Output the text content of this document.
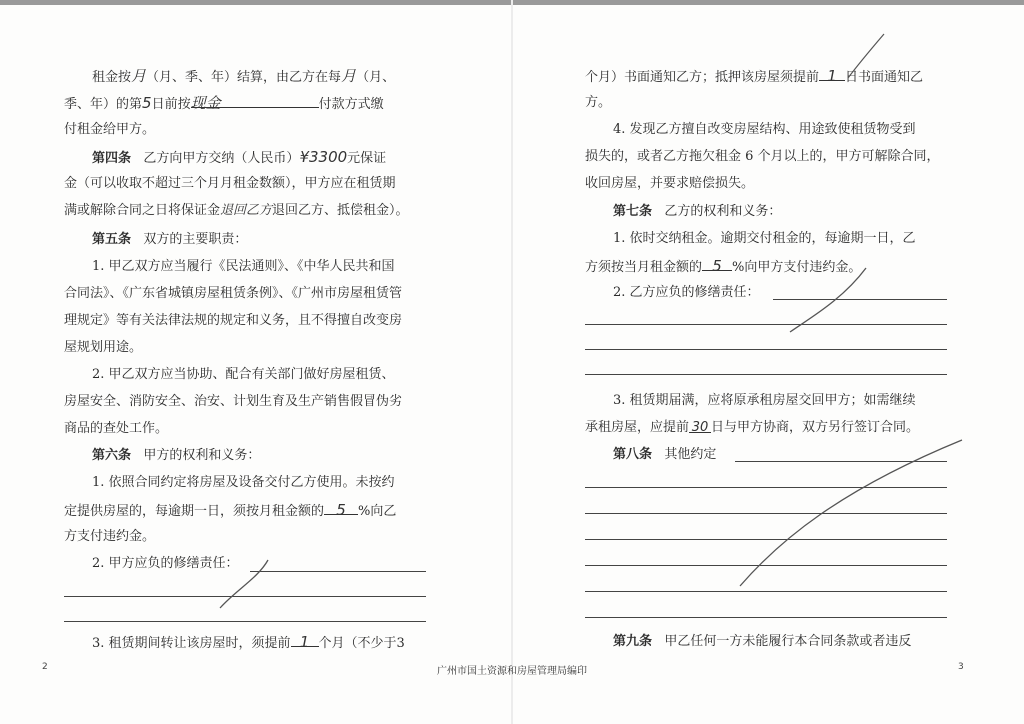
租金按月（月、季、年）结算，由乙方在每月（月、
季、年）的第5日前按现金	付款方式缴
付租金给甲方。
第四条 乙方向甲方交纳（人民币）¥3300元保证
金（可以收取不超过三个月月租金数额），甲方应在租赁期
满或解除合同之日将保证金退回乙方退回乙方、抵偿租金）。
第五条 双方的主要职责：
1. 甲乙双方应当履行《民法通则》、《中华人民共和国
合同法》、《广东省城镇房屋租赁条例》、《广州市房屋租赁管
理规定》等有关法律法规的规定和义务，且不得擅自改变房
屋规划用途。
2. 甲乙双方应当协助、配合有关部门做好房屋租赁、
房屋安全、消防安全、治安、计划生育及生产销售假冒伪劣
商品的查处工作。
第六条 甲方的权利和义务：
1. 依照合同约定将房屋及设备交付乙方使用。未按约
定提供房屋的，每逾期一日，须按月租金额的 5 %向乙
方支付违约金。
2. 甲方应负的修缮责任：
3. 租赁期间转让该房屋时，须提前 1 个月（不少于3
个月）书面通知乙方；抵押该房屋须提前 1 日书面通知乙
方。
4. 发现乙方擅自改变房屋结构、用途致使租赁物受到
损失的，或者乙方拖欠租金 6 个月以上的，甲方可解除合同，
收回房屋，并要求赔偿损失。
第七条 乙方的权利和义务：
1. 依时交纳租金。逾期交付租金的，每逾期一日，乙
方须按当月租金额的 5 %向甲方支付违约金。
2. 乙方应负的修缮责任：
3. 租赁期届满，应将原承租房屋交回甲方；如需继续
承租房屋，应提前 30 日与甲方协商，双方另行签订合同。
第八条 其他约定
第九条 甲乙任何一方未能履行本合同条款或者违反
2	广州市国土资源和房屋管理局编印	3
